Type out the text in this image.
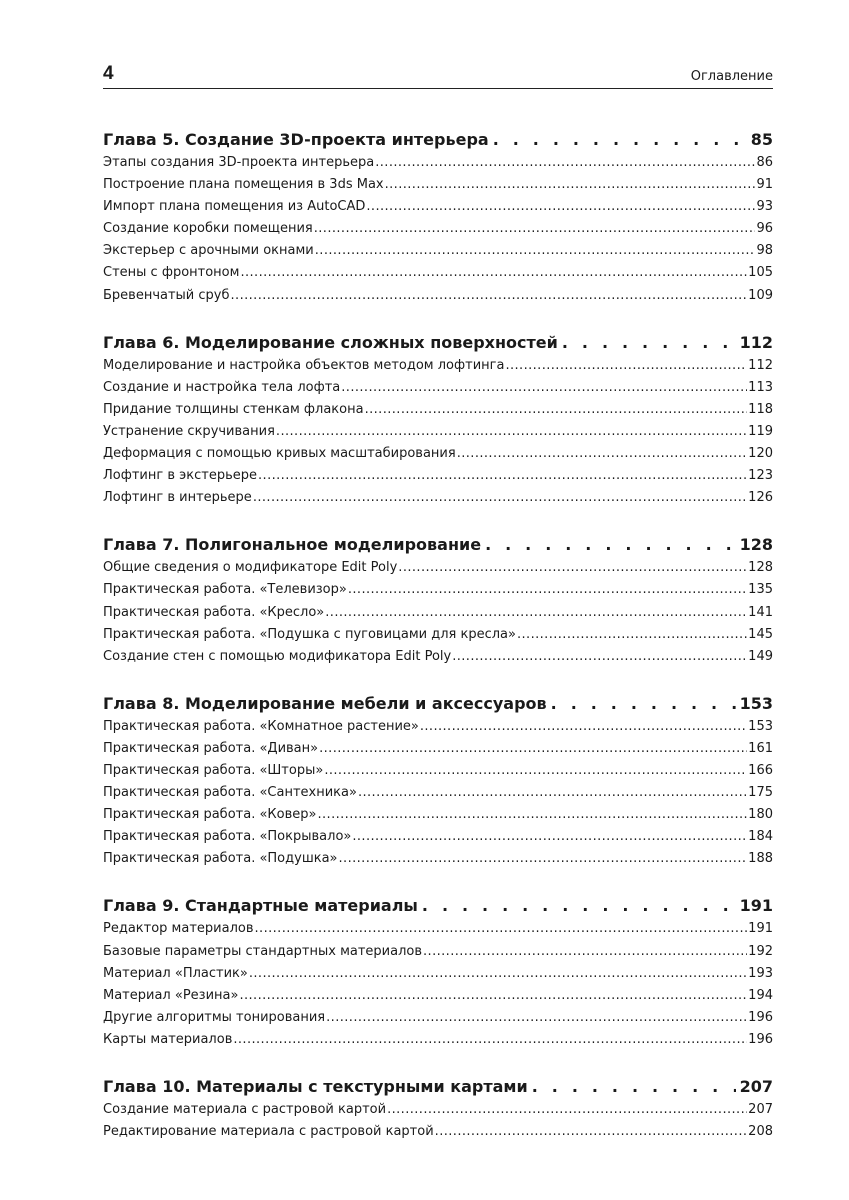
4	Оглавление
Глава 5. Создание 3D-проекта интерьера . . .	85
Этапы создания 3D-проекта интерьера .....	86
Построение плана помещения в 3ds Max .....	91
Импорт плана помещения из AutoCAD .....	93
Создание коробки помещения .....	96
Экстерьер с арочными окнами .....	98
Стены с фронтоном .....	105
Бревенчатый сруб .....	109
Глава 6. Моделирование сложных поверхностей . . .	112
Моделирование и настройка объектов методом лофтинга .....	112
Создание и настройка тела лофта .....	113
Придание толщины стенкам флакона .....	118
Устранение скручивания .....	119
Деформация с помощью кривых масштабирования .....	120
Лофтинг в экстерьере .....	123
Лофтинг в интерьере .....	126
Глава 7. Полигональное моделирование . . .	128
Общие сведения о модификаторе Edit Poly .....	128
Практическая работа. «Телевизор» .....	135
Практическая работа. «Кресло» .....	141
Практическая работа. «Подушка с пуговицами для кресла» .....	145
Создание стен с помощью модификатора Edit Poly .....	149
Глава 8. Моделирование мебели и аксессуаров . . .	153
Практическая работа. «Комнатное растение» .....	153
Практическая работа. «Диван» .....	161
Практическая работа. «Шторы» .....	166
Практическая работа. «Сантехника» .....	175
Практическая работа. «Ковер» .....	180
Практическая работа. «Покрывало» .....	184
Практическая работа. «Подушка» .....	188
Глава 9. Стандартные материалы . . .	191
Редактор материалов .....	191
Базовые параметры стандартных материалов .....	192
Материал «Пластик» .....	193
Материал «Резина» .....	194
Другие алгоритмы тонирования .....	196
Карты материалов .....	196
Глава 10. Материалы с текстурными картами . . .	207
Создание материала с растровой картой .....	207
Редактирование материала с растровой картой .....	208
